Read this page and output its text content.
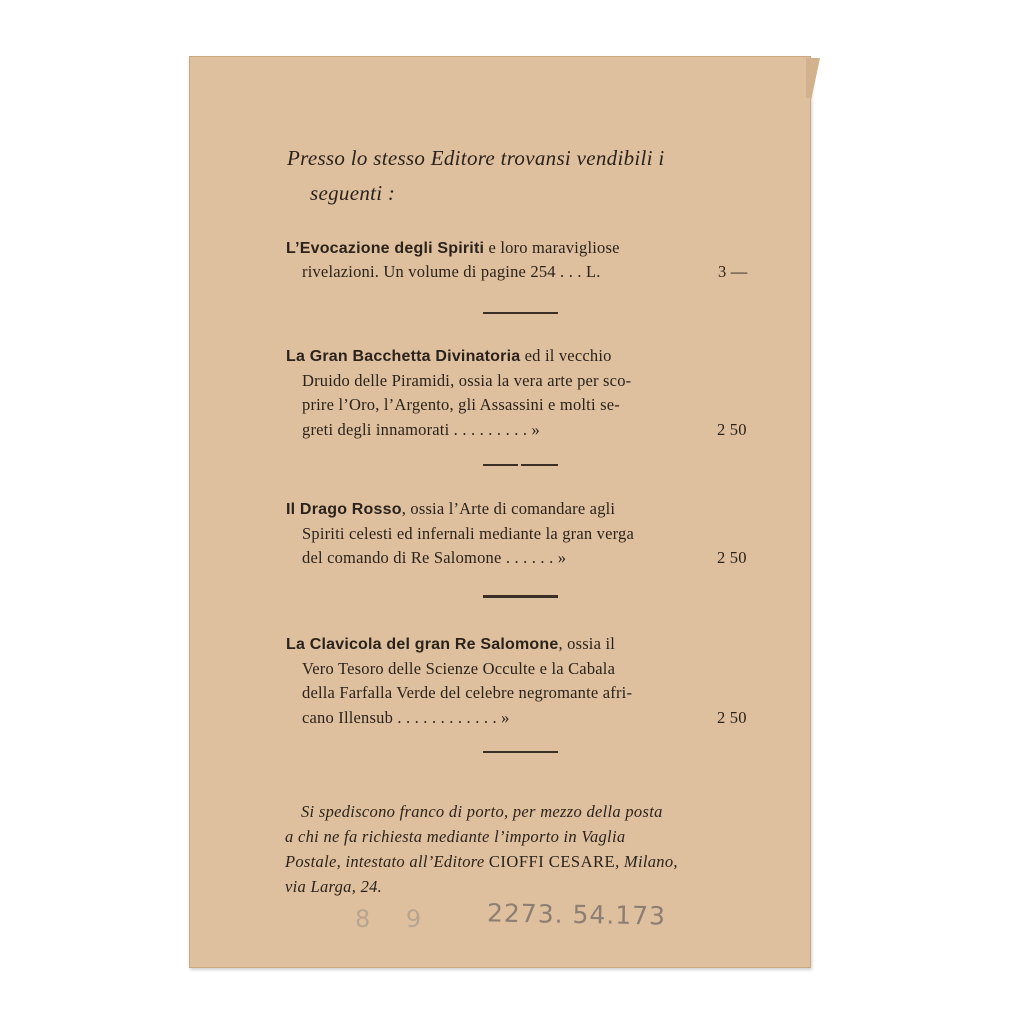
Presso lo stesso Editore trovansi vendibili i
seguenti :
L’Evocazione degli Spiriti e loro maravigliose
rivelazioni. Un volume di pagine 254 . . . L.	3 —
La Gran Bacchetta Divinatoria ed il vecchio
Druido delle Piramidi, ossia la vera arte per sco-
prire l’Oro, l’Argento, gli Assassini e molti se-
greti degli innamorati . . . . . . . . . »	2 50
Il Drago Rosso, ossia l’Arte di comandare agli
Spiriti celesti ed infernali mediante la gran verga
del comando di Re Salomone . . . . . . »	2 50
La Clavicola del gran Re Salomone, ossia il
Vero Tesoro delle Scienze Occulte e la Cabala
della Farfalla Verde del celebre negromante afri-
cano Illensub . . . . . . . . . . . . »	2 50
Si spediscono franco di porto, per mezzo della posta
a chi ne fa richiesta mediante l’importo in Vaglia
Postale, intestato all’Editore CIOFFI CESARE, Milano,
via Larga, 24.
8 9 2273. 54.173
